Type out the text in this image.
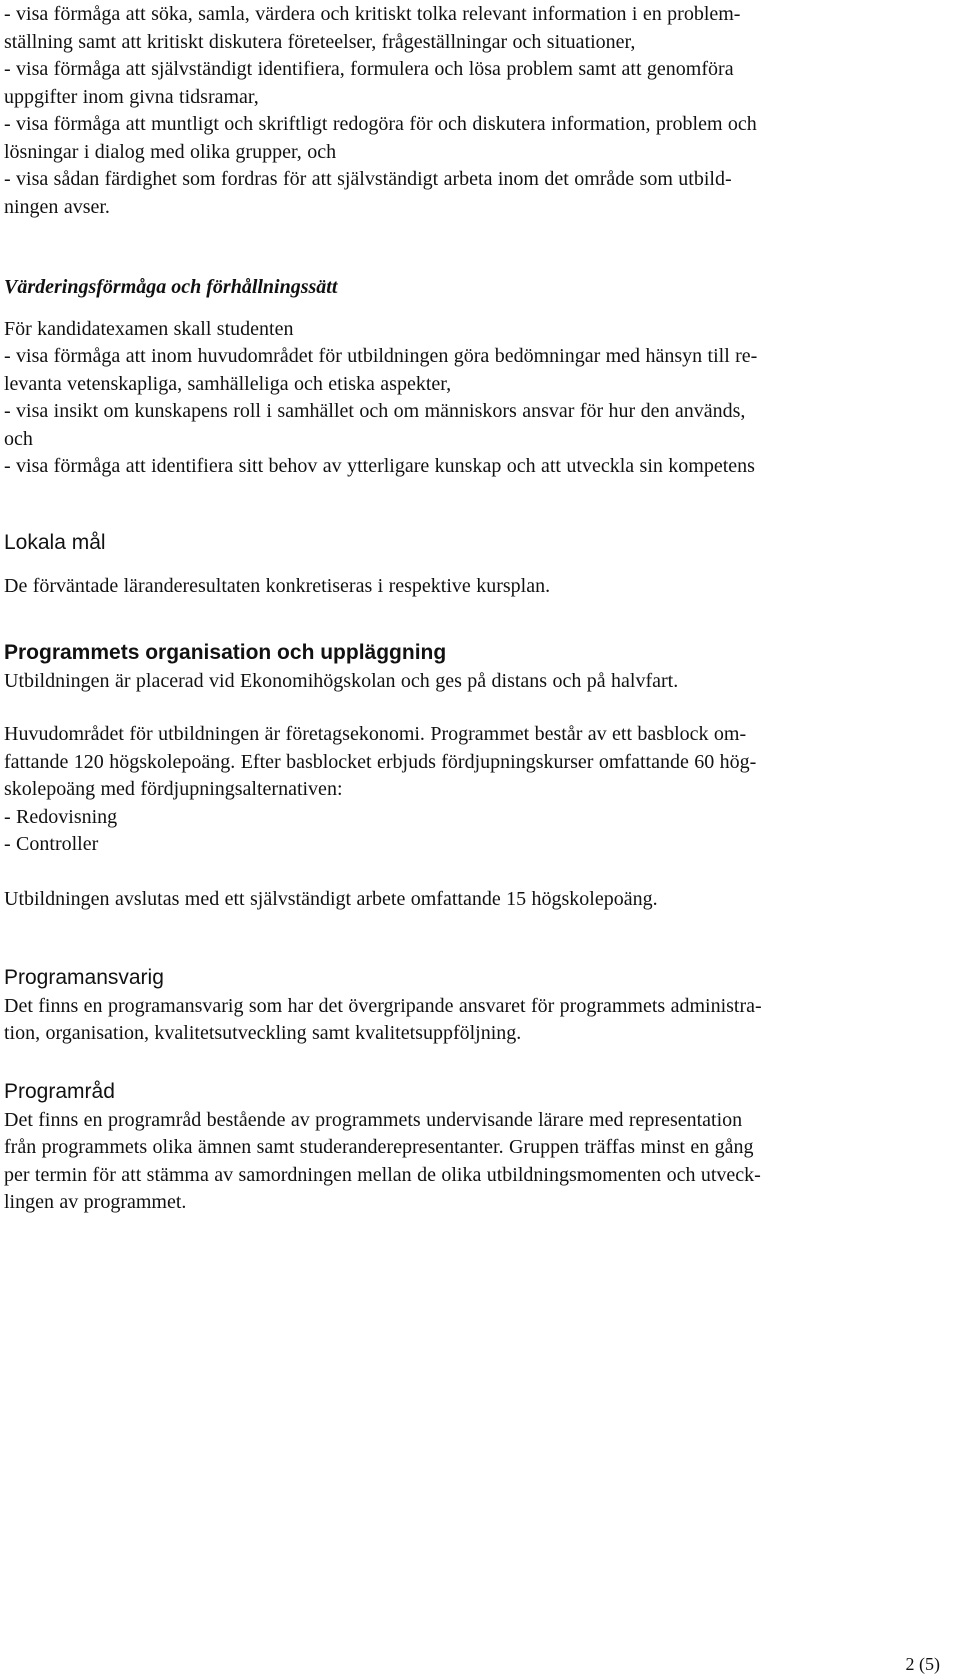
- visa förmåga att söka, samla, värdera och kritiskt tolka relevant information i en problem-
ställning samt att kritiskt diskutera företeelser, frågeställningar och situationer,
- visa förmåga att självständigt identifiera, formulera och lösa problem samt att genomföra
uppgifter inom givna tidsramar,
- visa förmåga att muntligt och skriftligt redogöra för och diskutera information, problem och
lösningar i dialog med olika grupper, och
- visa sådan färdighet som fordras för att självständigt arbeta inom det område som utbild-
ningen avser.

Värderingsförmåga och förhållningssätt

För kandidatexamen skall studenten
- visa förmåga att inom huvudområdet för utbildningen göra bedömningar med hänsyn till re-
levanta vetenskapliga, samhälleliga och etiska aspekter,
- visa insikt om kunskapens roll i samhället och om människors ansvar för hur den används,
och
- visa förmåga att identifiera sitt behov av ytterligare kunskap och att utveckla sin kompetens

Lokala mål

De förväntade läranderesultaten konkretiseras i respektive kursplan.

Programmets organisation och uppläggning

Utbildningen är placerad vid Ekonomihögskolan och ges på distans och på halvfart.

Huvudområdet för utbildningen är företagsekonomi. Programmet består av ett basblock om-
fattande 120 högskolepoäng. Efter basblocket erbjuds fördjupningskurser omfattande 60 hög-
skolepoäng med fördjupningsalternativen:
- Redovisning
- Controller

Utbildningen avslutas med ett självständigt arbete omfattande 15 högskolepoäng.

Programansvarig

Det finns en programansvarig som har det övergripande ansvaret för programmets administra-
tion, organisation, kvalitetsutveckling samt kvalitetsuppföljning.

Programråd

Det finns en programråd bestående av programmets undervisande lärare med representation
från programmets olika ämnen samt studeranderepresentanter. Gruppen träffas minst en gång
per termin för att stämma av samordningen mellan de olika utbildningsmomenten och utveck-
lingen av programmet.

2 (5)
